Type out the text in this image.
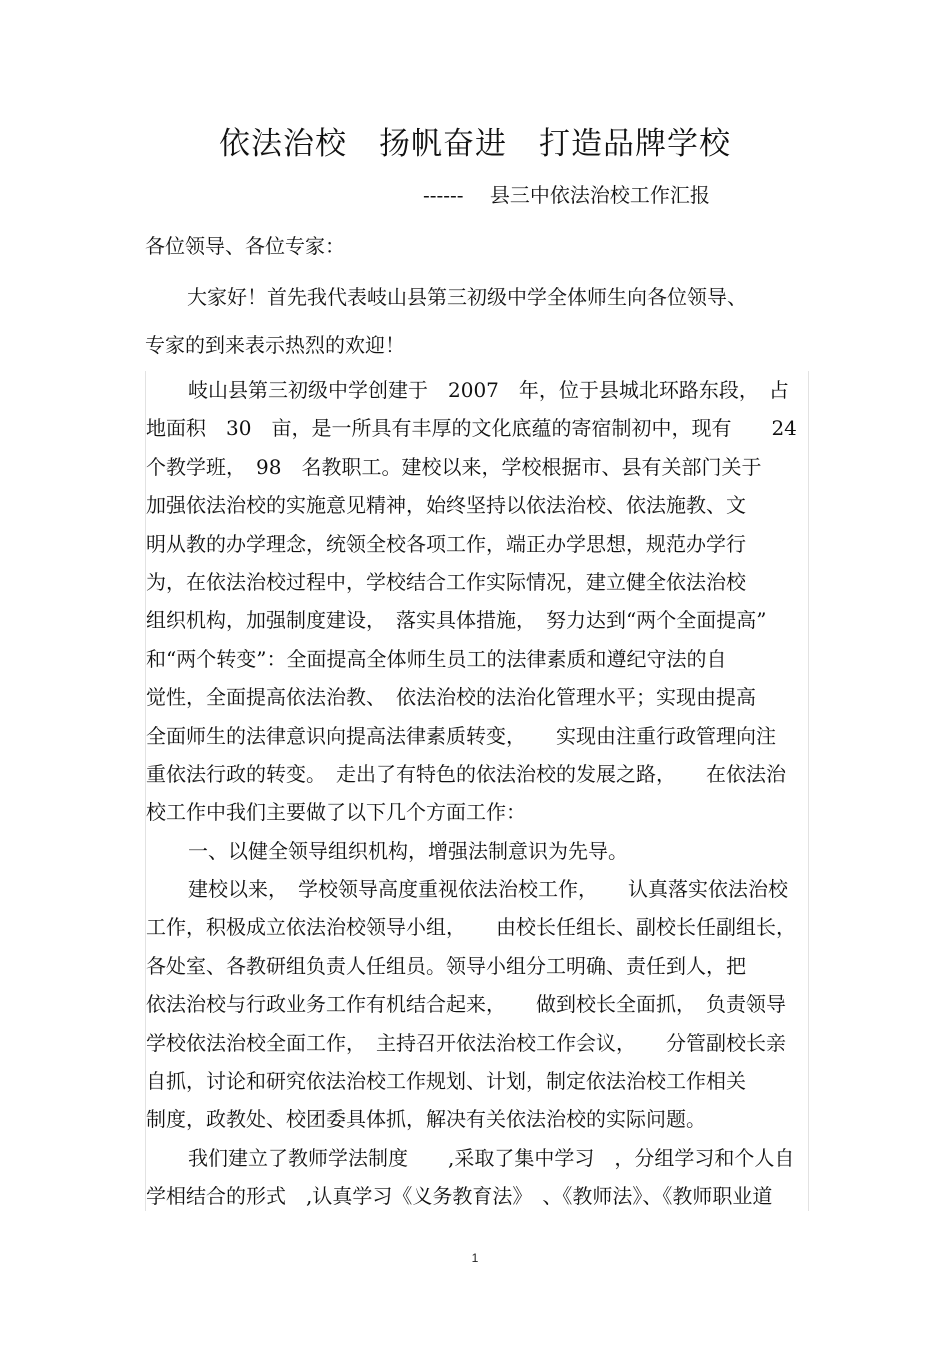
依法治校　扬帆奋进　打造品牌学校
------　 县三中依法治校工作汇报
各位领导、各位专家：
大家好！首先我代表岐山县第三初级中学全体师生向各位领导、
专家的到来表示热烈的欢迎！
岐山县第三初级中学创建于　2007　年，位于县城北环路东段，　占
地面积　30　亩，是一所具有丰厚的文化底蕴的寄宿制初中，现有　　24
个教学班，　98　名教职工。建校以来，学校根据市、县有关部门关于
加强依法治校的实施意见精神，始终坚持以依法治校、依法施教、文
明从教的办学理念，统领全校各项工作，端正办学思想，规范办学行
为，在依法治校过程中，学校结合工作实际情况，建立健全依法治校
组织机构，加强制度建设，　落实具体措施，　努力达到“两个全面提高”
和“两个转变”：全面提高全体师生员工的法律素质和遵纪守法的自
觉性，全面提高依法治教、　依法治校的法治化管理水平；实现由提高
全面师生的法律意识向提高法律素质转变，　　实现由注重行政管理向注
重依法行政的转变。　走出了有特色的依法治校的发展之路，　　在依法治
校工作中我们主要做了以下几个方面工作：
一、以健全领导组织机构，增强法制意识为先导。
建校以来，　学校领导高度重视依法治校工作，　　认真落实依法治校
工作，积极成立依法治校领导小组，　　由校长任组长、副校长任副组长，
各处室、各教研组负责人任组员。领导小组分工明确、责任到人，把
依法治校与行政业务工作有机结合起来，　　做到校长全面抓，　负责领导
学校依法治校全面工作，　主持召开依法治校工作会议，　　分管副校长亲
自抓，讨论和研究依法治校工作规划、计划，制定依法治校工作相关
制度，政教处、校团委具体抓，解决有关依法治校的实际问题。
我们建立了教师学法制度　　,采取了集中学习　，分组学习和个人自
学相结合的形式　,认真学习《义务教育法》　、《教师法》、《教师职业道
1
